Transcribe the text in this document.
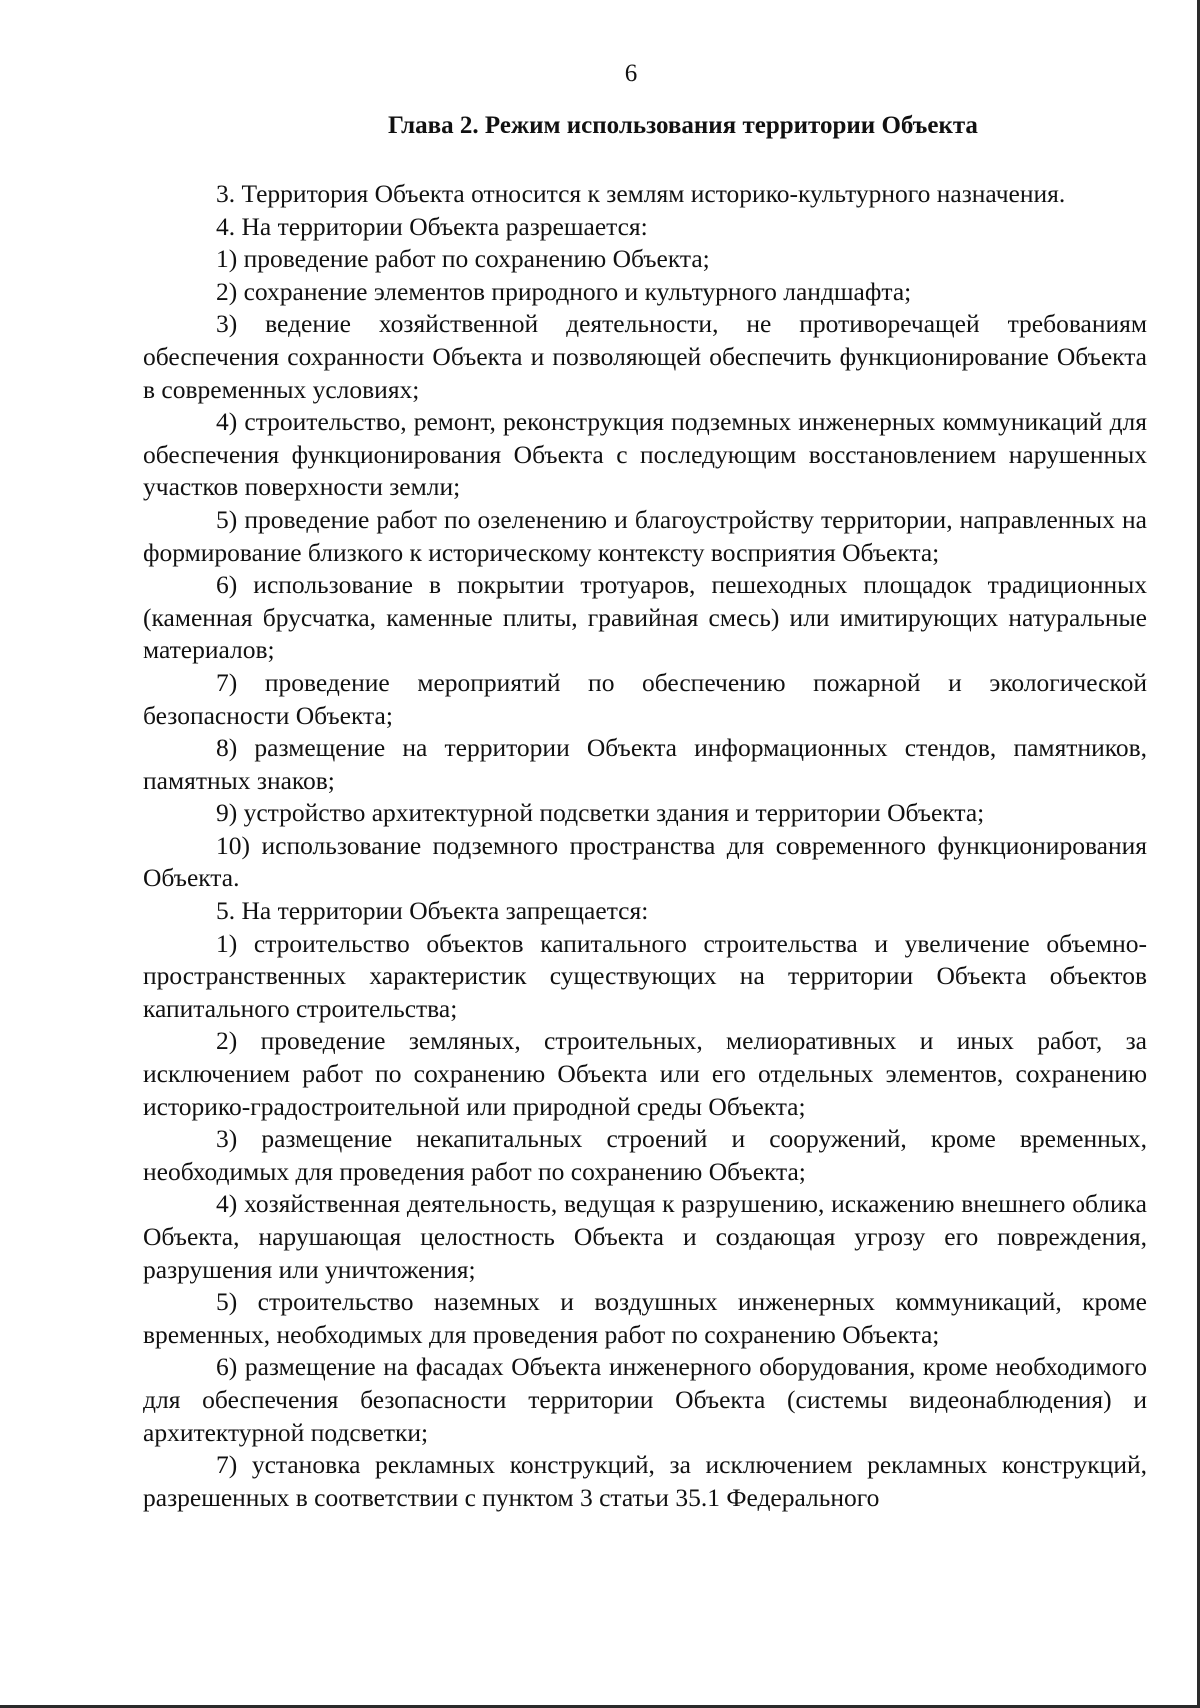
6
Глава 2. Режим использования территории Объекта

3. Территория Объекта относится к землям историко-культурного назначения.

4. На территории Объекта разрешается:

1) проведение работ по сохранению Объекта;

2) сохранение элементов природного и культурного ландшафта;

3) ведение хозяйственной деятельности, не противоречащей требованиям обеспечения сохранности Объекта и позволяющей обеспечить функционирование Объекта в современных условиях;

4) строительство, ремонт, реконструкция подземных инженерных коммуникаций для обеспечения функционирования Объекта с последующим восстановлением нарушенных участков поверхности земли;

5) проведение работ по озеленению и благоустройству территории, направленных на формирование близкого к историческому контексту восприятия Объекта;

6) использование в покрытии тротуаров, пешеходных площадок традиционных (каменная брусчатка, каменные плиты, гравийная смесь) или имитирующих натуральные материалов;

7) проведение мероприятий по обеспечению пожарной и экологической безопасности Объекта;

8) размещение на территории Объекта информационных стендов, памятников, памятных знаков;

9) устройство архитектурной подсветки здания и территории Объекта;

10) использование подземного пространства для современного функционирования Объекта.

5. На территории Объекта запрещается:

1) строительство объектов капитального строительства и увеличение объемно-пространственных характеристик существующих на территории Объекта объектов капитального строительства;

2) проведение земляных, строительных, мелиоративных и иных работ, за исключением работ по сохранению Объекта или его отдельных элементов, сохранению историко-градостроительной или природной среды Объекта;

3) размещение некапитальных строений и сооружений, кроме временных, необходимых для проведения работ по сохранению Объекта;

4) хозяйственная деятельность, ведущая к разрушению, искажению внешнего облика Объекта, нарушающая целостность Объекта и создающая угрозу его повреждения, разрушения или уничтожения;

5) строительство наземных и воздушных инженерных коммуникаций, кроме временных, необходимых для проведения работ по сохранению Объекта;

6) размещение на фасадах Объекта инженерного оборудования, кроме необходимого для обеспечения безопасности территории Объекта (системы видеонаблюдения) и архитектурной подсветки;

7) установка рекламных конструкций, за исключением рекламных конструкций, разрешенных в соответствии с пунктом 3 статьи 35.1 Федерального
